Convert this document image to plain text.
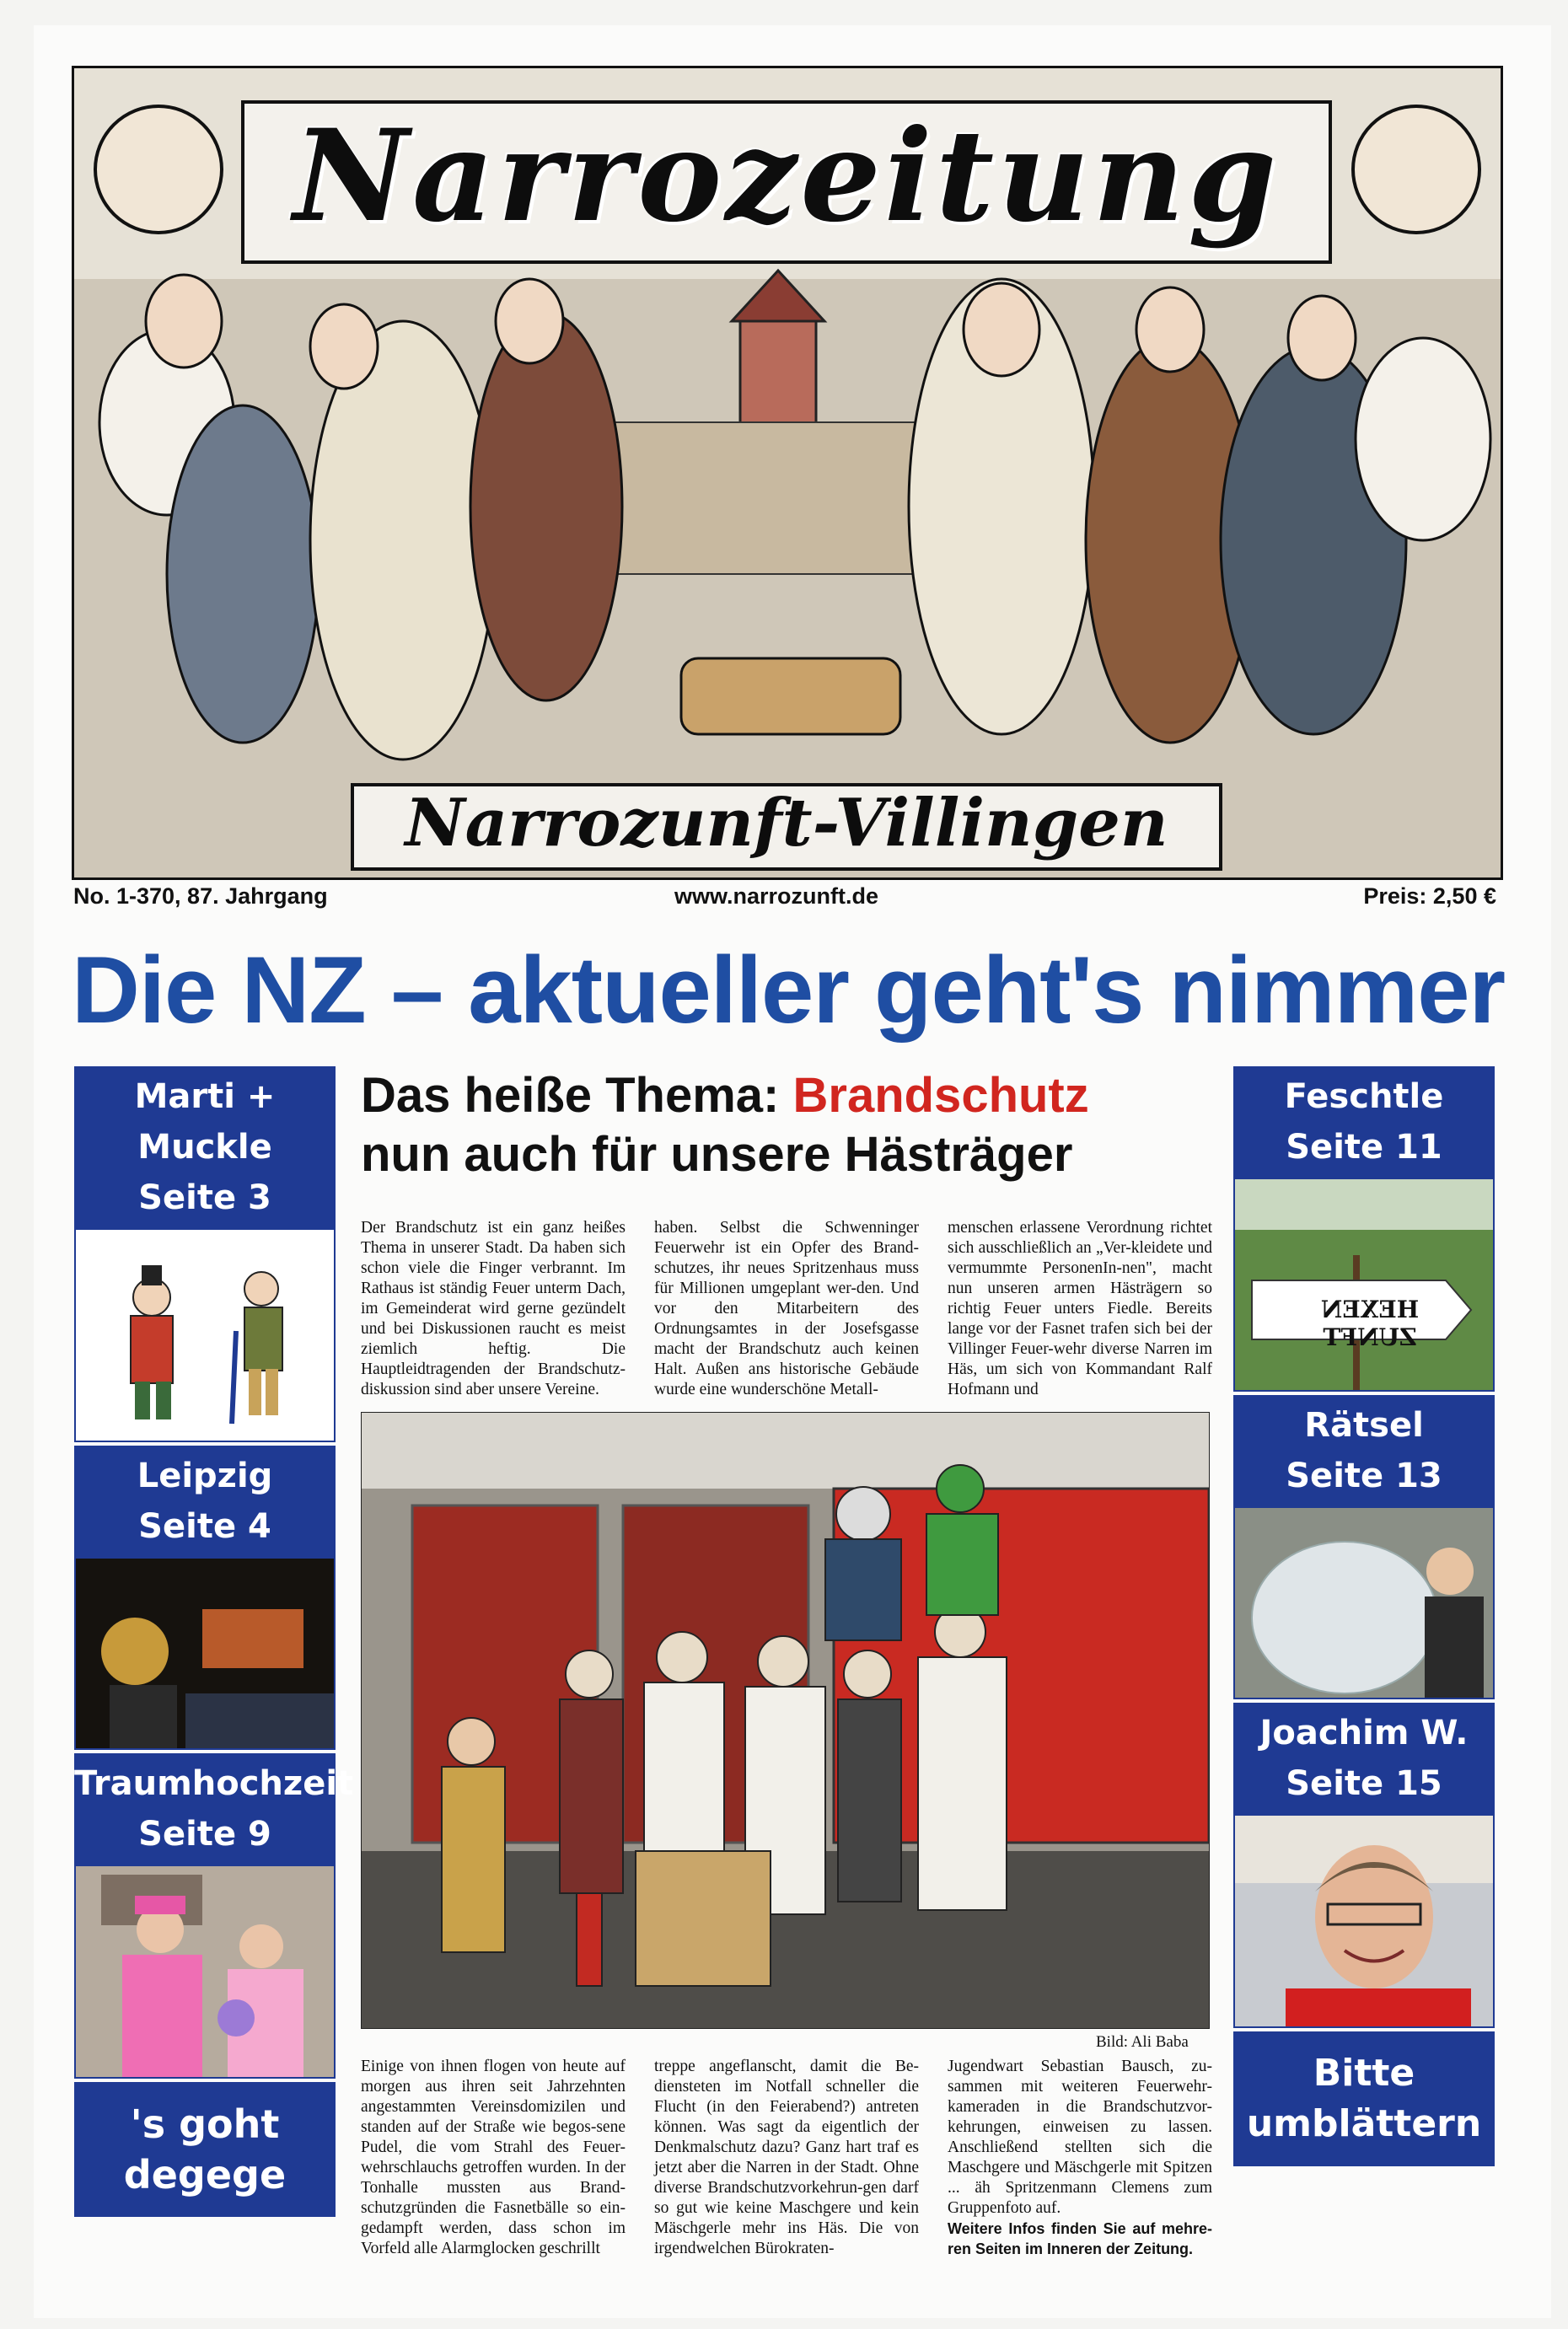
Narrozeitung
Narrozunft-Villingen
No. 1-370, 87. Jahrgang	www.narrozunft.de	Preis: 2,50 €
Die NZ – aktueller geht's nimmer
Marti + Muckle
Seite 3
Leipzig
Seite 4
Traumhochzeit
Seite 9
's goht
degege
Feschtle
Seite 11
HEXEN ZUNFT
Rätsel
Seite 13
Joachim W.
Seite 15
Bitte
umblättern
Das heiße Thema: Brandschutz
nun auch für unsere Hästräger
Der Brandschutz ist ein ganz heißes Thema in unserer Stadt. Da haben sich schon viele die Finger verbrannt. Im Rathaus ist ständig Feuer unterm Dach, im Gemeinderat wird gerne gezündelt und bei Diskussionen raucht es meist ziemlich heftig. Die Hauptleidtragenden der Brandschutz-diskussion sind aber unsere Vereine.
haben. Selbst die Schwenninger Feuerwehr ist ein Opfer des Brand-schutzes, ihr neues Spritzenhaus muss für Millionen umgeplant wer-den. Und vor den Mitarbeitern des Ordnungsamtes in der Josefsgasse macht der Brandschutz auch keinen Halt. Außen ans historische Gebäude wurde eine wunderschöne Metall-
menschen erlassene Verordnung richtet sich ausschließlich an „Ver-kleidete und vermummte PersonenIn-nen", macht nun unseren armen Hästrägern so richtig Feuer unters Fiedle. Bereits lange vor der Fasnet trafen sich bei der Villinger Feuer-wehr diverse Narren im Häs, um sich von Kommandant Ralf Hofmann und
Bild: Ali Baba
Einige von ihnen flogen von heute auf morgen aus ihren seit Jahrzehnten angestammten Vereinsdomizilen und standen auf der Straße wie begos-sene Pudel, die vom Strahl des Feuer-wehrschlauchs getroffen wurden. In der Tonhalle mussten aus Brand-schutzgründen die Fasnetbälle so ein-gedampft werden, dass schon im Vorfeld alle Alarmglocken geschrillt
treppe angeflanscht, damit die Be-diensteten im Notfall schneller die Flucht (in den Feierabend?) antreten können. Was sagt da eigentlich der Denkmalschutz dazu? Ganz hart traf es jetzt aber die Narren in der Stadt. Ohne diverse Brandschutzvorkehrun-gen darf so gut wie keine Maschgere und kein Mäschgerle mehr ins Häs. Die von irgendwelchen Bürokraten-
Jugendwart Sebastian Bausch, zu-sammen mit weiteren Feuerwehr-kameraden in die Brandschutzvor-kehrungen, einweisen zu lassen. Anschließend stellten sich die Maschgere und Mäschgerle mit Spitzen ... äh Spritzenmann Clemens zum Gruppenfoto auf.
Weitere Infos finden Sie auf mehre-ren Seiten im Inneren der Zeitung.
